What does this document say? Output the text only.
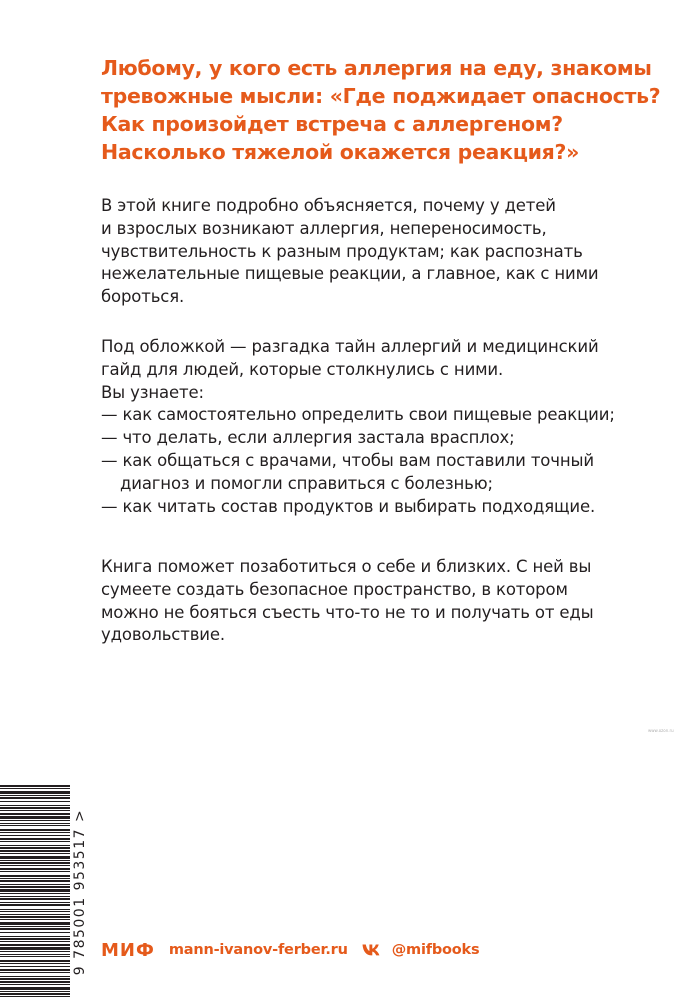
Любому, у кого есть аллергия на еду, знакомы
тревожные мысли: «Где поджидает опасность?
Как произойдет встреча с аллергеном?
Насколько тяжелой окажется реакция?»
В этой книге подробно объясняется, почему у детей
и взрослых возникают аллергия, непереносимость,
чувствительность к разным продуктам; как распознать
нежелательные пищевые реакции, а главное, как с ними
бороться.
Под обложкой — разгадка тайн аллергий и медицинский
гайд для людей, которые столкнулись с ними.
Вы узнаете:
— как самостоятельно определить свои пищевые реакции;
— что делать, если аллергия застала врасплох;
— как общаться с врачами, чтобы вам поставили точный
диагноз и помогли справиться с болезнью;
— как читать состав продуктов и выбирать подходящие.
Книга поможет позаботиться о себе и близких. С ней вы
сумеете создать безопасное пространство, в котором
можно не бояться съесть что-то не то и получать от еды
удовольствие.
www.ozon.ru
9 785001 953517 > МИФ mann-ivanov-ferber.ru	@mifbooks
